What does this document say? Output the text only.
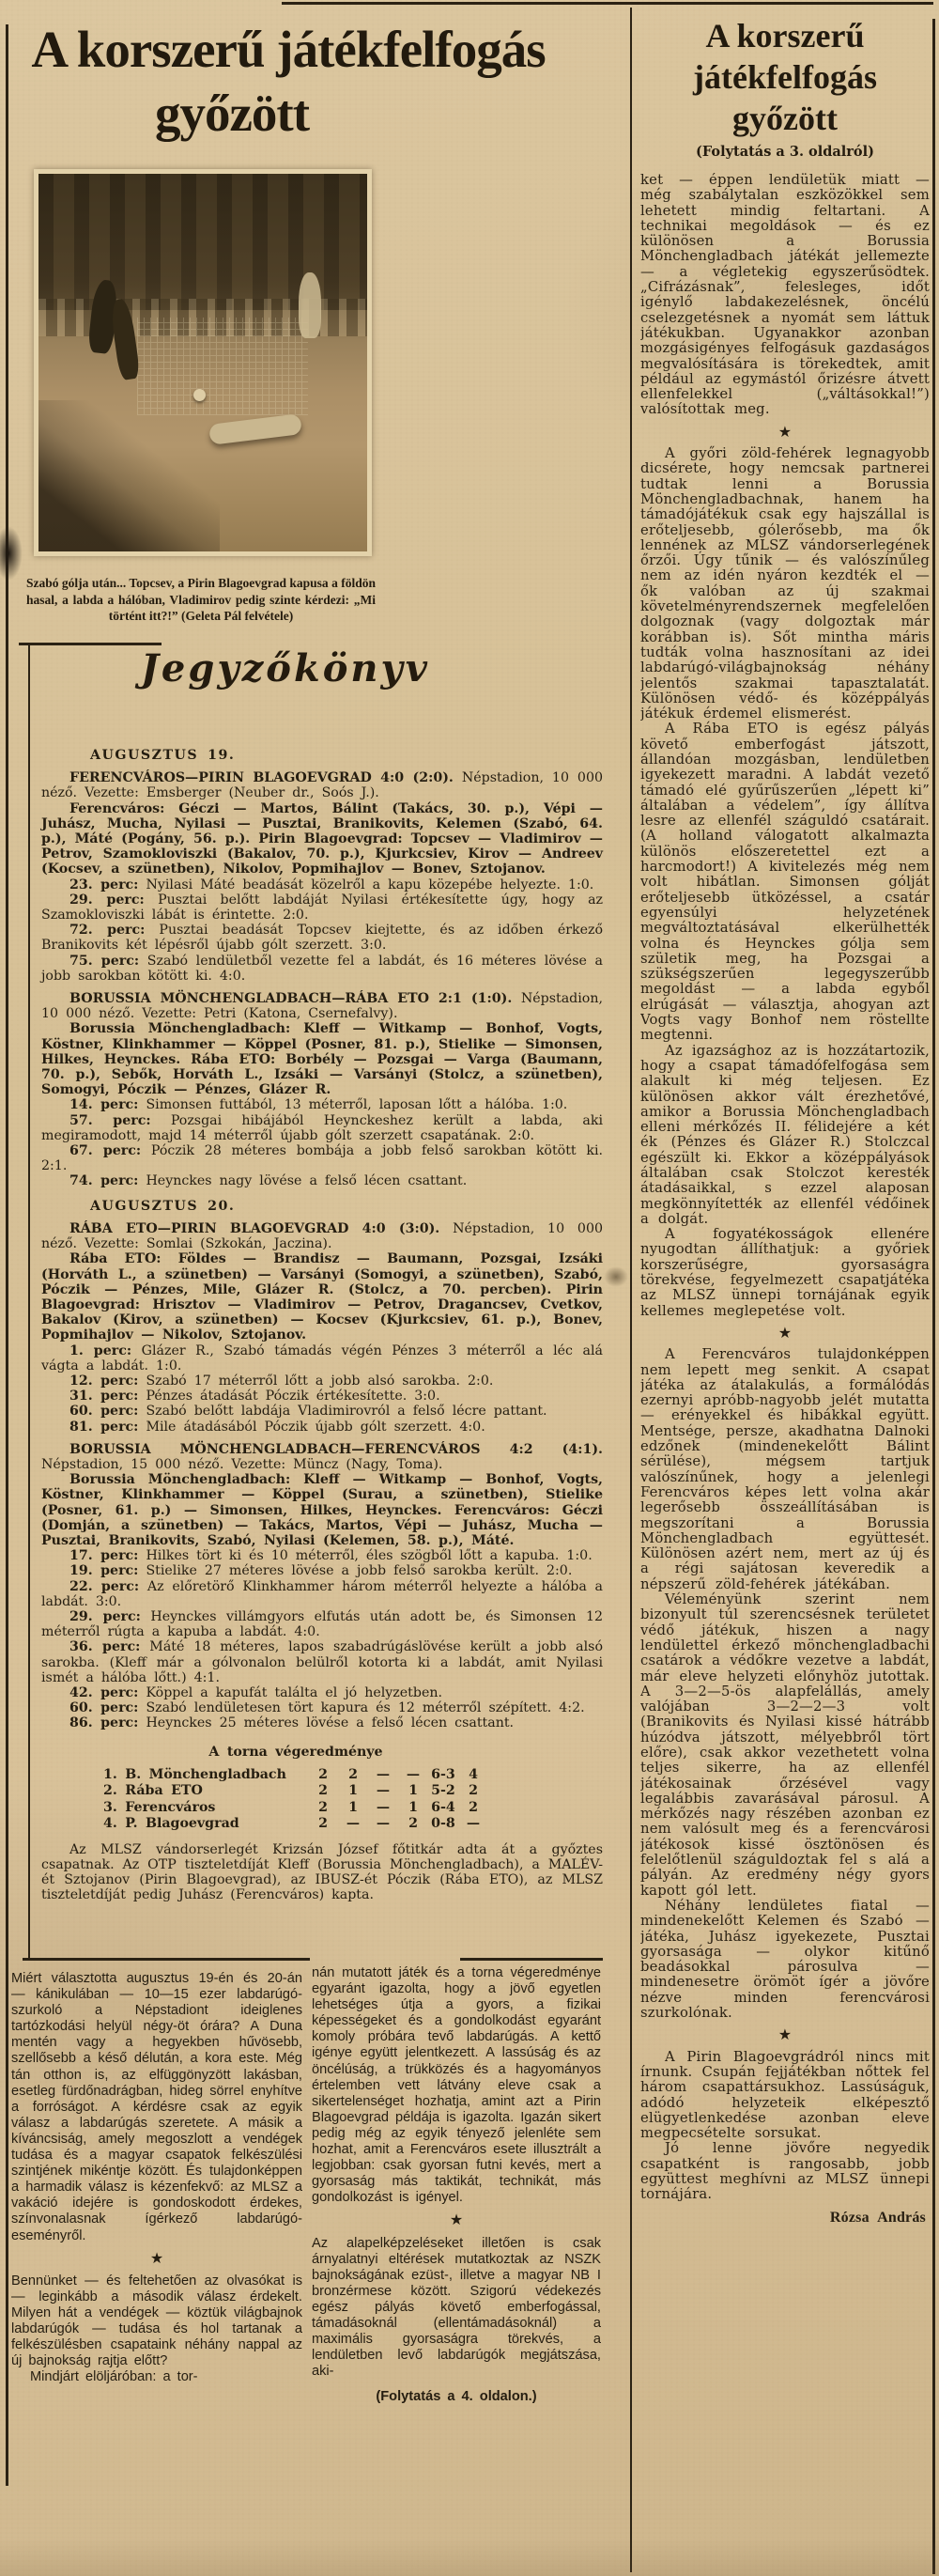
A korszerű játékfelfogás
győzött
Szabó gólja után... Topcsev, a Pirin Blagoevgrad kapusa a földön hasal, a labda a hálóban, Vladimirov pedig szinte kérdezi: „Mi történt itt?!” (Geleta Pál felvétele)
Jegyzőkönyv

AUGUSZTUS 19.

FERENCVÁROS—PIRIN BLAGOEVGRAD 4:0 (2:0). Népstadion, 10 000 néző. Vezette: Emsberger (Neuber dr., Soós J.).

Ferencváros: Géczi — Martos, Bálint (Takács, 30. p.), Vépi — Juhász, Mucha, Nyilasi — Pusztai, Branikovits, Kelemen (Szabó, 64. p.), Máté (Pogány, 56. p.). Pirin Blagoevgrad: Topcsev — Vladimirov — Petrov, Szamokloviszki (Bakalov, 70. p.), Kjurkcsiev, Kirov — Andreev (Kocsev, a szünetben), Nikolov, Popmihajlov — Bonev, Sztojanov.

23. perc: Nyilasi Máté beadását közelről a kapu közepébe helyezte. 1:0.

29. perc: Pusztai belőtt labdáját Nyilasi értékesítette úgy, hogy az Szamokloviszki lábát is érintette. 2:0.

72. perc: Pusztai beadását Topcsev kiejtette, és az időben érkező Branikovits két lépésről újabb gólt szerzett. 3:0.

75. perc: Szabó lendületből vezette fel a labdát, és 16 méteres lövése a jobb sarokban kötött ki. 4:0.

BORUSSIA MÖNCHENGLADBACH—RÁBA ETO 2:1 (1:0). Népstadion, 10 000 néző. Vezette: Petri (Katona, Csernefalvy).

Borussia Mönchengladbach: Kleff — Witkamp — Bonhof, Vogts, Köstner, Klinkhammer — Köppel (Posner, 81. p.), Stielike — Simonsen, Hilkes, Heynckes. Rába ETO: Borbély — Pozsgai — Varga (Baumann, 70. p.), Sebők, Horváth L., Izsáki — Varsányi (Stolcz, a szünetben), Somogyi, Póczik — Pénzes, Glázer R.

14. perc: Simonsen futtából, 13 méterről, laposan lőtt a hálóba. 1:0.

57. perc: Pozsgai hibájából Heynckeshez került a labda, aki megiramodott, majd 14 méterről újabb gólt szerzett csapatának. 2:0.

67. perc: Póczik 28 méteres bombája a jobb felső sarokban kötött ki. 2:1.

74. perc: Heynckes nagy lövése a felső lécen csattant.

AUGUSZTUS 20.

RÁBA ETO—PIRIN BLAGOEVGRAD 4:0 (3:0). Népstadion, 10 000 néző. Vezette: Somlai (Szkokán, Jaczina).

Rába ETO: Földes — Brandisz — Baumann, Pozsgai, Izsáki (Horváth L., a szünetben) — Varsányi (Somogyi, a szünetben), Szabó, Póczik — Pénzes, Mile, Glázer R. (Stolcz, a 70. percben). Pirin Blagoevgrad: Hrisztov — Vladimirov — Petrov, Dragancsev, Cvetkov, Bakalov (Kirov, a szünetben) — Kocsev (Kjurkcsiev, 61. p.), Bonev, Popmihajlov — Nikolov, Sztojanov.

1. perc: Glázer R., Szabó támadás végén Pénzes 3 méterről a léc alá vágta a labdát. 1:0.

12. perc: Szabó 17 méterről lőtt a jobb alsó sarokba. 2:0.

31. perc: Pénzes átadását Póczik értékesítette. 3:0.

60. perc: Szabó belőtt labdája Vladimirovról a felső lécre pattant.

81. perc: Mile átadásából Póczik újabb gólt szerzett. 4:0.

BORUSSIA MÖNCHENGLADBACH—FERENCVÁROS 4:2 (4:1). Népstadion, 15 000 néző. Vezette: Müncz (Nagy, Toma).

Borussia Mönchengladbach: Kleff — Witkamp — Bonhof, Vogts, Köstner, Klinkhammer — Köppel (Surau, a szünetben), Stielike (Posner, 61. p.) — Simonsen, Hilkes, Heynckes. Ferencváros: Géczi (Domján, a szünetben) — Takács, Martos, Vépi — Juhász, Mucha — Pusztai, Branikovits, Szabó, Nyilasi (Kelemen, 58. p.), Máté.

17. perc: Hilkes tört ki és 10 méterről, éles szögből lőtt a kapuba. 1:0.

19. perc: Stielike 27 méteres lövése a jobb felső sarokba került. 2:0.

22. perc: Az előretörő Klinkhammer három méterről helyezte a hálóba a labdát. 3:0.

29. perc: Heynckes villámgyors elfutás után adott be, és Simonsen 12 méterről rúgta a kapuba a labdát. 4:0.

36. perc: Máté 18 méteres, lapos szabadrúgáslövése került a jobb alsó sarokba. (Kleff már a gólvonalon belülről kotorta ki a labdát, amit Nyilasi ismét a hálóba lőtt.) 4:1.

42. perc: Köppel a kapufát találta el jó helyzetben.

60. perc: Szabó lendületesen tört kapura és 12 méterről szépített. 4:2.

86. perc: Heynckes 25 méteres lövése a felső lécen csattant.

A torna végeredménye
1. B. Mönchengladbach	2	2	—	— 6-3	4
2. Rába ETO	2	1	—	1	5-2	2
3. Ferencváros	2	1	—	1	6-4	2
4. P. Blagoevgrad	2	—	—	2	0-8 —

Az MLSZ vándorserlegét Krizsán József főtitkár adta át a győztes csapatnak. Az OTP tiszteletdíját Kleff (Borussia Mönchengladbach), a MALÉV-ét Sztojanov (Pirin Blagoevgrad), az IBUSZ-ét Póczik (Rába ETO), az MLSZ tiszteletdíját pedig Juhász (Ferencváros) kapta.

Miért választotta augusztus 19-én és 20-án — kánikulában — 10—15 ezer labdarúgó-szurkoló a Népstadiont ideiglenes tartózkodási helyül négy-öt órára? A Duna mentén vagy a hegyekben hűvösebb, szellősebb a késő délután, a kora este. Még tán otthon is, az elfüggönyzött lakásban, esetleg fürdőnadrágban, hideg sörrel enyhítve a forróságot. A kérdésre csak az egyik válasz a labdarúgás szeretete. A másik a kíváncsiság, amely megoszlott a vendégek tudása és a magyar csapatok felkészülési szintjének mikéntje között. És tulajdonképpen a harmadik válasz is kézenfekvő: az MLSZ a vakáció idejére is gondoskodott érdekes, színvonalasnak ígérkező labdarúgó-eseményről.

★

Bennünket — és feltehetően az olvasókat is — leginkább a második válasz érdekelt. Milyen hát a vendégek — köztük világbajnok labdarúgók — tudása és hol tartanak a felkészülésben csapataink néhány nappal az új bajnokság rajtja előtt?

Mindjárt elöljáróban: a tor-

nán mutatott játék és a torna végeredménye egyaránt igazolta, hogy a jövő egyetlen lehetséges útja a gyors, a fizikai képességeket és a gondolkodást egyaránt komoly próbára tevő labdarúgás. A kettő igénye együtt jelentkezett. A lassúság és az öncélúság, a trükközés és a hagyományos értelemben vett látvány eleve csak a sikertelenséget hozhatja, amint azt a Pirin Blagoevgrad példája is igazolta. Igazán sikert pedig még az egyik tényező jelenléte sem hozhat, amit a Ferencváros esete illusztrált a legjobban: csak gyorsan futni kevés, mert a gyorsaság más taktikát, technikát, más gondolkozást is igényel.

★

Az alapelképzeléseket illetően is csak árnyalatnyi eltérések mutatkoztak az NSZK bajnokságának ezüst-, illetve a magyar NB I bronzérmese között. Szigorú védekezés egész pályás követő emberfogással, támadásoknál (ellentámadásoknál) a maximális gyorsaságra törekvés, a lendületben levő labdarúgók megjátszása, aki-

(Folytatás a 4. oldalon.)

A korszerű
játékfelfogás
győzött
(Folytatás a 3. oldalról)

ket — éppen lendületük miatt — még szabálytalan eszközökkel sem lehetett mindig feltartani. A technikai megoldások — és ez különösen a Borussia Mönchengladbach játékát jellemezte — a végletekig egyszerűsödtek. „Cifrázásnak”, felesleges, időt igénylő labdakezelésnek, öncélú cselezgetésnek a nyomát sem láttuk játékukban. Ugyanakkor azonban mozgásigényes felfogásuk gazdaságos megvalósítására is törekedtek, amit például az egymástól őrizésre átvett ellenfelekkel („váltásokkal!”) valósítottak meg.

★

A győri zöld-fehérek legnagyobb dicsérete, hogy nemcsak partnerei tudtak lenni a Borussia Mönchengladbachnak, hanem ha támadójátékuk csak egy hajszállal is erőteljesebb, gólerősebb, ma ők lennének az MLSZ vándorserlegének őrzői. Úgy tűnik — és valószínűleg nem az idén nyáron kezdték el — ők valóban az új szakmai követelményrendszernek megfelelően dolgoznak (vagy dolgoztak már korábban is). Sőt mintha máris tudták volna hasznosítani az idei labdarúgó-világbajnokság néhány jelentős szakmai tapasztalatát. Különösen védő- és középpályás játékuk érdemel elismerést.

A Rába ETO is egész pályás követő emberfogást játszott, állandóan mozgásban, lendületben igyekezett maradni. A labdát vezető támadó elé gyűrűszerűen „lépett ki” általában a védelem”, így állítva lesre az ellenfél száguldó csatárait. (A holland válogatott alkalmazta különös előszeretettel ezt a harcmodort!) A kivitelezés még nem volt hibátlan. Simonsen gólját erőteljesebb ütközéssel, a csatár egyensúlyi helyzetének megváltoztatásával elkerülhették volna és Heynckes gólja sem születik meg, ha Pozsgai a szükségszerűen legegyszerűbb megoldást — a labda egyből elrúgását — választja, ahogyan azt Vogts vagy Bonhof nem röstellte megtenni.

Az igazsághoz az is hozzátartozik, hogy a csapat támadófelfogása sem alakult ki még teljesen. Ez különösen akkor vált érezhetővé, amikor a Borussia Mönchengladbach elleni mérkőzés II. félidejére a két ék (Pénzes és Glázer R.) Stolczcal egészült ki. Ekkor a középpályások általában csak Stolczot keresték átadásaikkal, s ezzel alaposan megkönnyítették az ellenfél védőinek a dolgát.

A fogyatékosságok ellenére nyugodtan állíthatjuk: a győriek korszerűségre, gyorsaságra törekvése, fegyelmezett csapatjátéka az MLSZ ünnepi tornájának egyik kellemes meglepetése volt.

★

A Ferencváros tulajdonképpen nem lepett meg senkit. A csapat játéka az átalakulás, a formálódás ezernyi apróbb-nagyobb jelét mutatta — erényekkel és hibákkal együtt. Mentsége, persze, akadhatna Dalnoki edzőnek (mindenekelőtt Bálint sérülése), mégsem tartjuk valószínűnek, hogy a jelenlegi Ferencváros képes lett volna akár legerősebb összeállításában is megszorítani a Borussia Mönchengladbach együttesét. Különösen azért nem, mert az új és a régi sajátosan keveredik a népszerű zöld-fehérek játékában.

Véleményünk szerint nem bizonyult túl szerencsésnek területet védő játékuk, hiszen a nagy lendülettel érkező mönchengladbachi csatárok a védőkre vezetve a labdát, már eleve helyzeti előnyhöz jutottak. A 3—2—5-ös alapfelállás, amely valójában 3—2—2—3 volt (Branikovits és Nyilasi kissé hátrább húzódva játszott, mélyebbről tört előre), csak akkor vezethetett volna teljes sikerre, ha az ellenfél játékosainak őrzésével vagy legalábbis zavarásával párosul. A mérkőzés nagy részében azonban ez nem valósult meg és a ferencvárosi játékosok kissé ösztönösen és felelőtlenül száguldoztak fel s alá a pályán. Az eredmény négy gyors kapott gól lett.

Néhány lendületes fiatal — mindenekelőtt Kelemen és Szabó — játéka, Juhász igyekezete, Pusztai gyorsasága — olykor kitűnő beadásokkal párosulva — mindenesetre örömöt ígér a jövőre nézve minden ferencvárosi szurkolónak.

★

A Pirin Blagoevgrádról nincs mit írnunk. Csupán fejjátékban nőttek fel három csapattársukhoz. Lassúságuk, adódó helyzeteik elképesztő elügyetlenkedése azonban eleve megpecsételte sorsukat.

Jó lenne jövőre negyedik csapatként is rangosabb, jobb együttest meghívni az MLSZ ünnepi tornájára.

Rózsa András
